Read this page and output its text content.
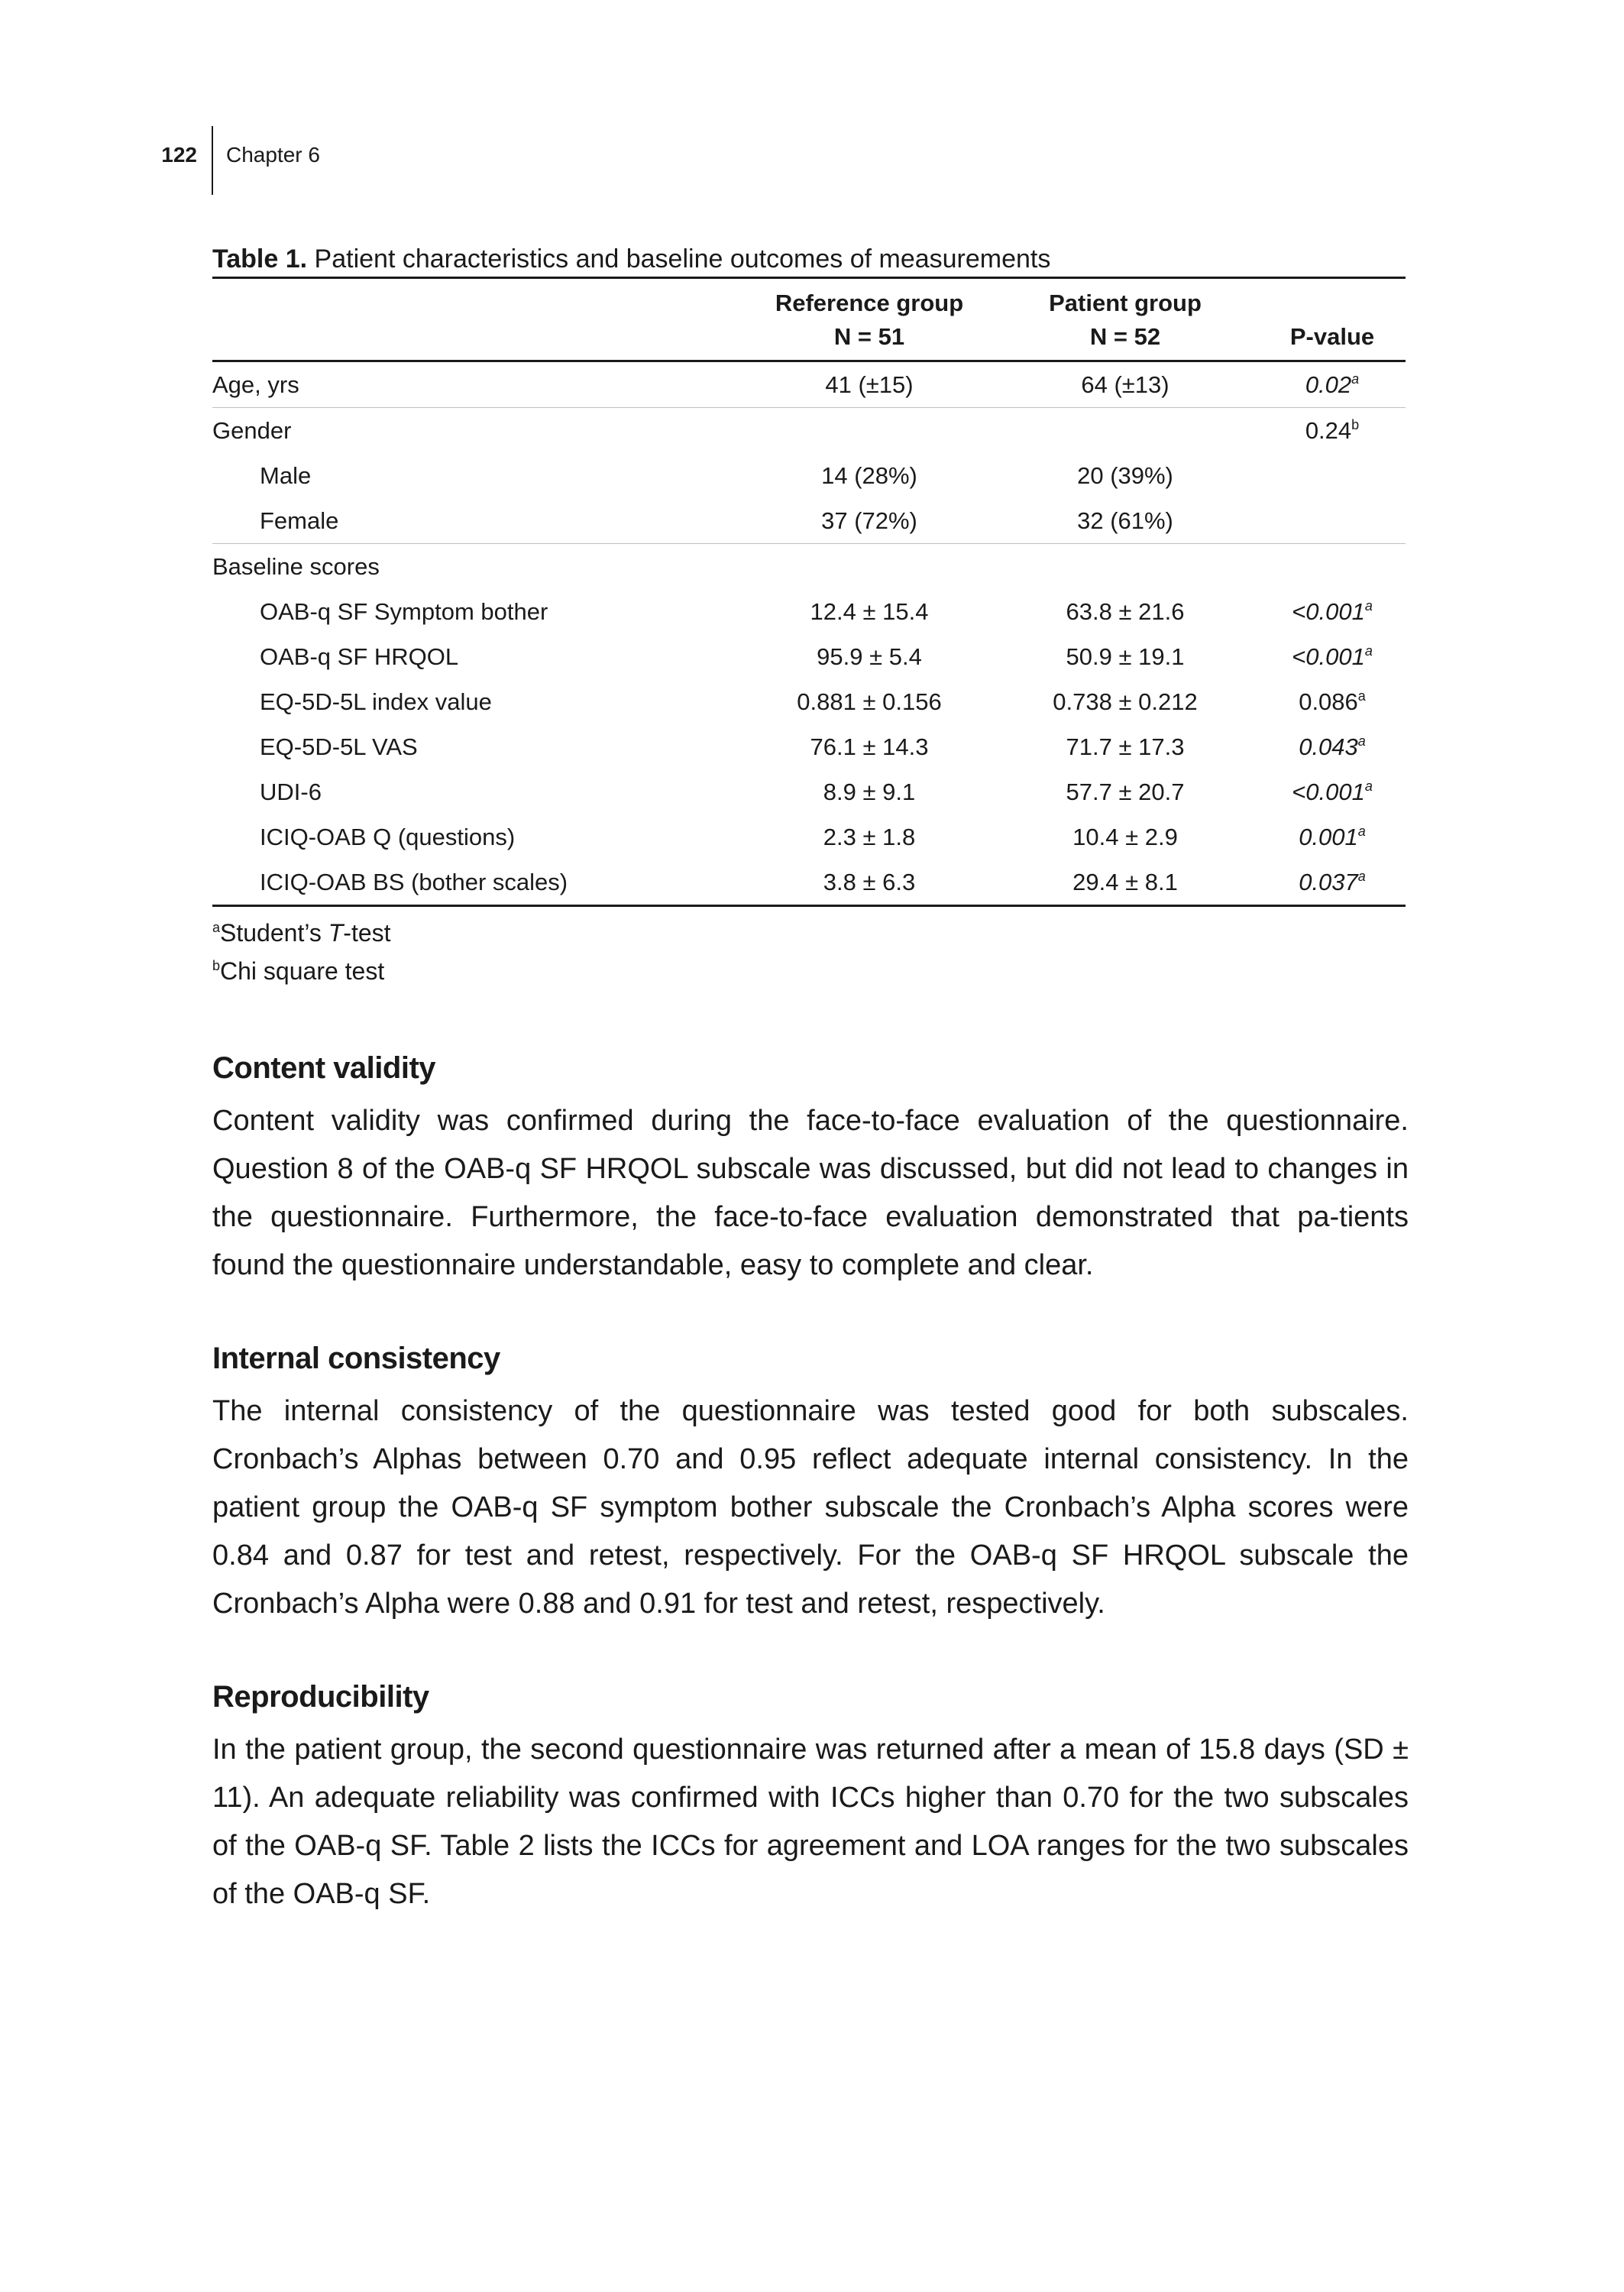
122 Chapter 6
Table 1. Patient characteristics and baseline outcomes of measurements
	Reference group	Patient group	
	N = 51	N = 52	P-value
Age, yrs	41 (±15)	64 (±13)	0.02$^a$
Gender			0.24$^b$
Male	14 (28%)	20 (39%)	
Female	37 (72%)	32 (61%)	
Baseline scores			
OAB-q SF Symptom bother	12.4 ± 15.4	63.8 ± 21.6	<0.001$^a$
OAB-q SF HRQOL	95.9 ± 5.4	50.9 ± 19.1	<0.001$^a$
EQ-5D-5L index value	0.881 ± 0.156	0.738 ± 0.212	0.086$^a$
EQ-5D-5L VAS	76.1 ± 14.3	71.7 ± 17.3	0.043$^a$
UDI-6	8.9 ± 9.1	57.7 ± 20.7	<0.001$^a$
ICIQ-OAB Q (questions)	2.3 ± 1.8	10.4 ± 2.9	0.001$^a$
ICIQ-OAB BS (bother scales)	3.8 ± 6.3	29.4 ± 8.1	0.037$^a$
$^a$Student’s T-test
$^b$Chi square test
Content validity

Content validity was confirmed during the face-to-face evaluation of the questionnaire. Question 8 of the OAB-q SF HRQOL subscale was discussed, but did not lead to changes in the questionnaire. Furthermore, the face-to-face evaluation demonstrated that pa-tients found the questionnaire understandable, easy to complete and clear.

Internal consistency

The internal consistency of the questionnaire was tested good for both subscales. Cronbach’s Alphas between 0.70 and 0.95 reflect adequate internal consistency. In the patient group the OAB-q SF symptom bother subscale the Cronbach’s Alpha scores were 0.84 and 0.87 for test and retest, respectively. For the OAB-q SF HRQOL subscale the Cronbach’s Alpha were 0.88 and 0.91 for test and retest, respectively.

Reproducibility

In the patient group, the second questionnaire was returned after a mean of 15.8 days (SD ± 11). An adequate reliability was confirmed with ICCs higher than 0.70 for the two subscales of the OAB-q SF. Table 2 lists the ICCs for agreement and LOA ranges for the two subscales of the OAB-q SF.
